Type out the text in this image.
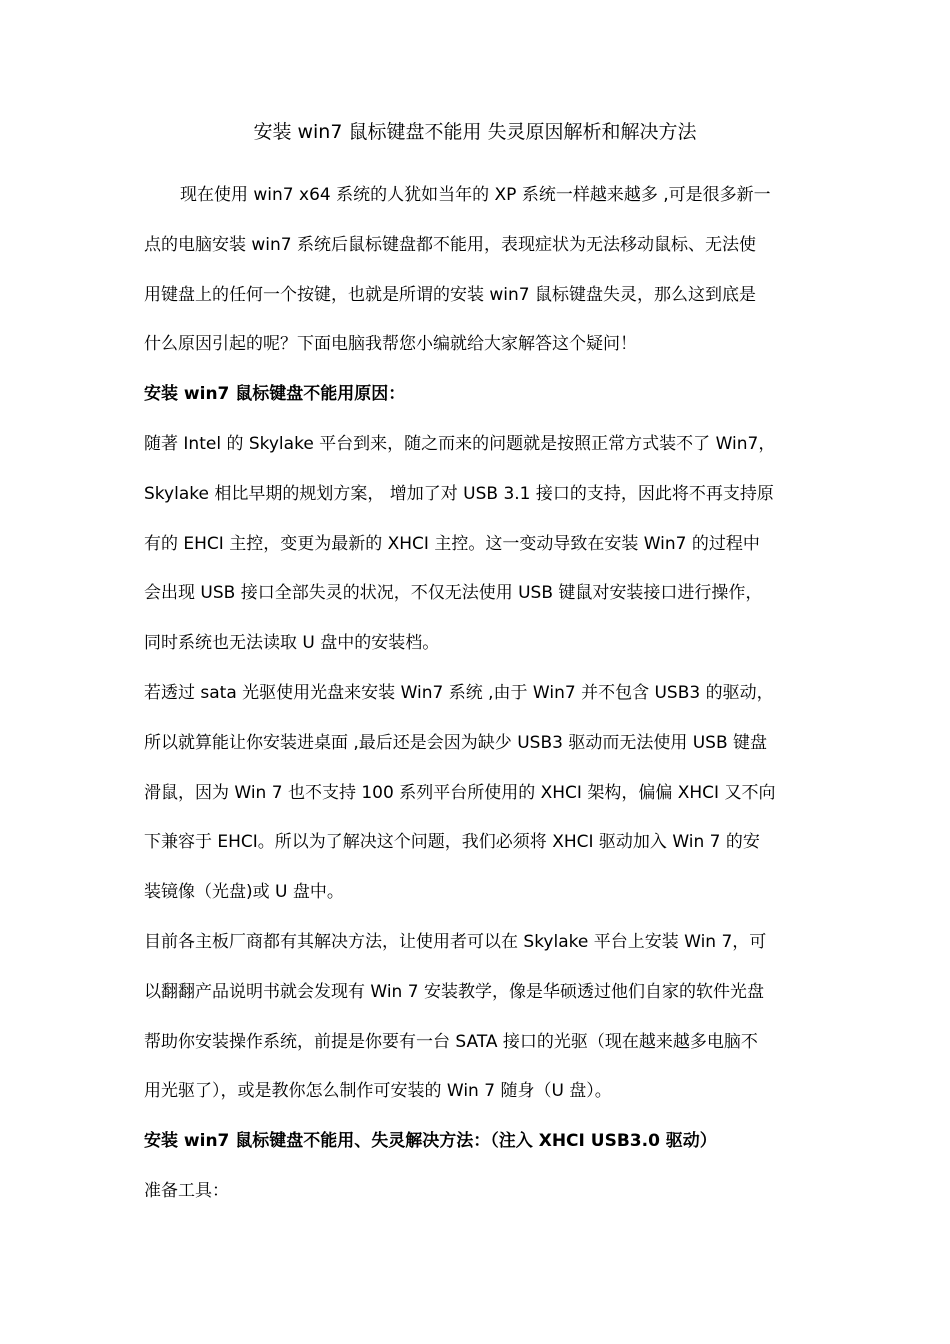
安装 win7 鼠标键盘不能用 失灵原因解析和解决方法

现在使用 win7 x64 系统的人犹如当年的 XP 系统一样越来越多 ,可是很多新一
点的电脑安装 win7 系统后鼠标键盘都不能用，表现症状为无法移动鼠标、无法使
用键盘上的任何一个按键，也就是所谓的安装 win7 鼠标键盘失灵，那么这到底是
什么原因引起的呢？下面电脑我帮您小编就给大家解答这个疑问！

安装 win7 鼠标键盘不能用原因：

随著 Intel 的 Skylake 平台到来，随之而来的问题就是按照正常方式装不了 Win7，
Skylake 相比早期的规划方案， 增加了对 USB 3.1 接口的支持，因此将不再支持原
有的 EHCI 主控，变更为最新的 XHCI 主控。这一变动导致在安装 Win7 的过程中
会出现 USB 接口全部失灵的状况，不仅无法使用 USB 键鼠对安装接口进行操作，
同时系统也无法读取 U 盘中的安装档。

若透过 sata 光驱使用光盘来安装 Win7 系统 ,由于 Win7 并不包含 USB3 的驱动，
所以就算能让你安装进桌面 ,最后还是会因为缺少 USB3 驱动而无法使用 USB 键盘
滑鼠，因为 Win 7 也不支持 100 系列平台所使用的 XHCI 架构，偏偏 XHCI 又不向
下兼容于 EHCI。所以为了解决这个问题，我们必须将 XHCI 驱动加入 Win 7 的安
装镜像（光盘)或 U 盘中。

目前各主板厂商都有其解决方法，让使用者可以在 Skylake 平台上安装 Win 7，可
以翻翻产品说明书就会发现有 Win 7 安装教学，像是华硕透过他们自家的软件光盘
帮助你安装操作系统，前提是你要有一台 SATA 接口的光驱（现在越来越多电脑不
用光驱了），或是教你怎么制作可安装的 Win 7 随身（U 盘）。

安装 win7 鼠标键盘不能用、失灵解决方法：（注入 XHCI USB3.0 驱动）

准备工具：
